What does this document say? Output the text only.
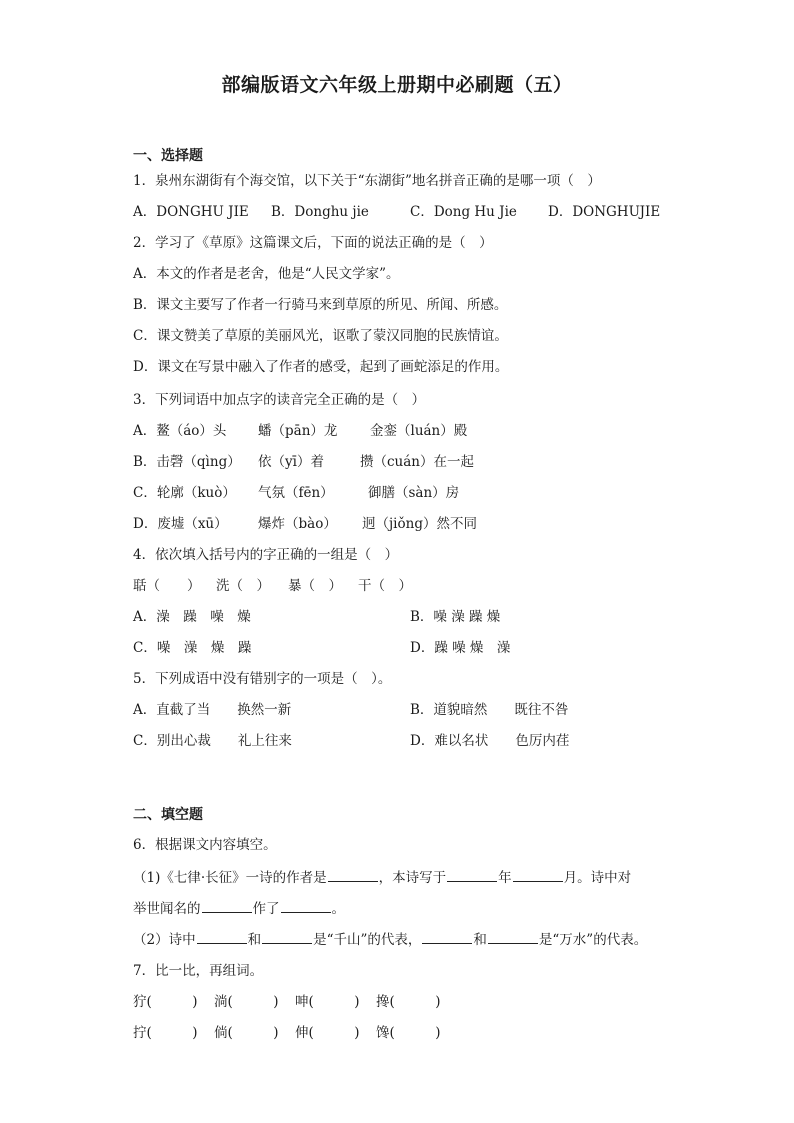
部编版语文六年级上册期中必刷题（五）
一、选择题
1．泉州东湖街有个海交馆，以下关于“东湖街”地名拼音正确的是哪一项（　）
A．DONGHU JIE B．Donghu jie	C．Dong Hu Jie D．DONGHUJIE
2．学习了《草原》这篇课文后，下面的说法正确的是（　）
A．本文的作者是老舍，他是“人民文学家”。
B．课文主要写了作者一行骑马来到草原的所见、所闻、所感。
C．课文赞美了草原的美丽风光，讴歌了蒙汉同胞的民族情谊。
D．课文在写景中融入了作者的感受，起到了画蛇添足的作用。
3．下列词语中加点字的读音完全正确的是（　）
A．鳌（áo）头 蟠（pān）龙 金銮（luán）殿
B．击磬（qìng） 依（yī）着	攒（cuán）在一起
C．轮廓（kuò） 气氛（fēn）	御膳（sàn）房
D．废墟（xū） 爆炸（bào） 迥（jiǒng）然不同
4．依次填入括号内的字正确的一组是（　）
聒（　　） 洗（　） 暴（　） 干（　）
A．澡　躁　噪　燥	B．噪 澡 躁 燥
C．噪　澡　燥　躁	D．躁 噪 燥　澡
5．下列成语中没有错别字的一项是（　）。
A．直截了当　　换然一新	B．道貌暗然　　既往不咎
C．别出心裁　　礼上往来	D．难以名状　　色厉内荏
二、填空题
6．根据课文内容填空。
（1)《七律·长征》一诗的作者是	，本诗写于	年	月。诗中对
举世闻名的	作了	。
（2）诗中	和	是“千山”的代表，	和	是“万水”的代表。
7．比一比，再组词。
狞(　　　) 淌(　　　) 呻(　　　) 搀(　　　)
拧(　　　) 倘(　　　) 伸(　　　) 馋(　　　)
